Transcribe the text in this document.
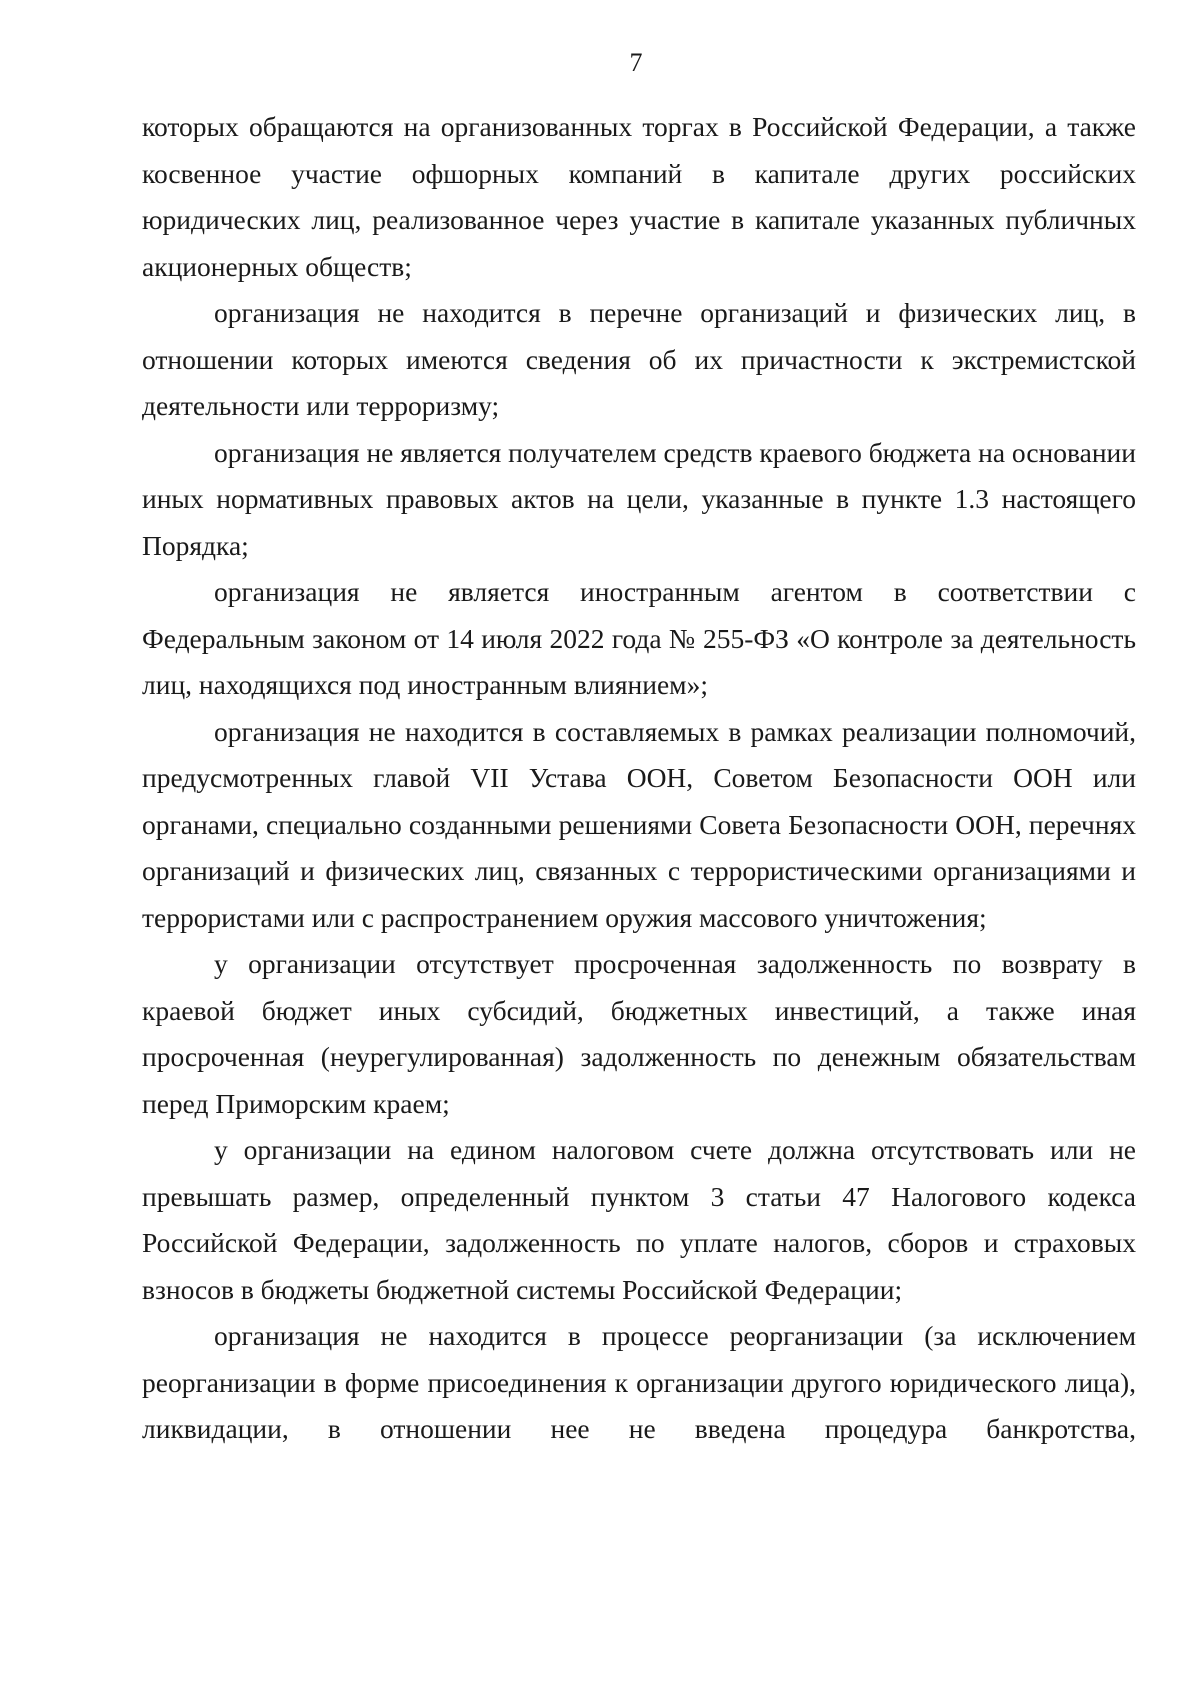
7

которых обращаются на организованных торгах в Российской Федерации, а также косвенное участие офшорных компаний в капитале других российских юридических лиц, реализованное через участие в капитале указанных публичных акционерных обществ;

организация не находится в перечне организаций и физических лиц, в отношении которых имеются сведения об их причастности к экстремистской деятельности или терроризму;

организация не является получателем средств краевого бюджета на основании иных нормативных правовых актов на цели, указанные в пункте 1.3 настоящего Порядка;

организация не является иностранным агентом в соответствии с Федеральным законом от 14 июля 2022 года № 255-ФЗ «О контроле за деятельность лиц, находящихся под иностранным влиянием»;

организация не находится в составляемых в рамках реализации полномочий, предусмотренных главой VII Устава ООН, Советом Безопасности ООН или органами, специально созданными решениями Совета Безопасности ООН, перечнях организаций и физических лиц, связанных с террористическими организациями и террористами или с распространением оружия массового уничтожения;

у организации отсутствует просроченная задолженность по возврату в краевой бюджет иных субсидий, бюджетных инвестиций, а также иная просроченная (неурегулированная) задолженность по денежным обязательствам перед Приморским краем;

у организации на едином налоговом счете должна отсутствовать или не превышать размер, определенный пунктом 3 статьи 47 Налогового кодекса Российской Федерации, задолженность по уплате налогов, сборов и страховых взносов в бюджеты бюджетной системы Российской Федерации;

организация не находится в процессе реорганизации (за исключением реорганизации в форме присоединения к организации другого юридического лица), ликвидации, в отношении нее не введена процедура банкротства,
